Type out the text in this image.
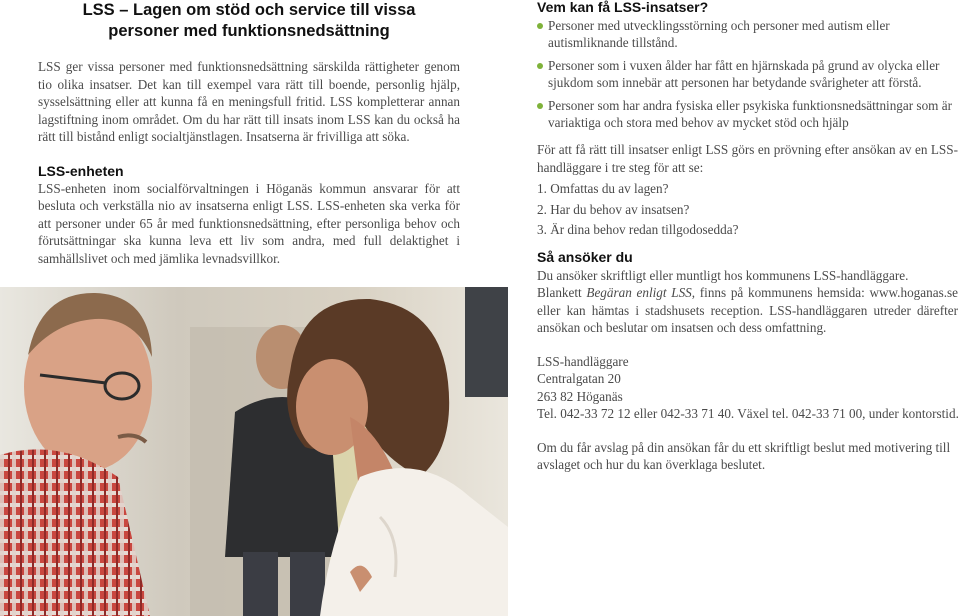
LSS – Lagen om stöd och service till vissa
personer med funktionsnedsättning

LSS ger vissa personer med funktionsnedsättning särskilda rättigheter genom tio olika insatser. Det kan till exempel vara rätt till boende, personlig hjälp, sysselsättning eller att kunna få en meningsfull fritid. LSS kompletterar annan lagstiftning inom området. Om du har rätt till insats inom LSS kan du också ha rätt till bistånd enligt socialtjänstlagen. Insatserna är frivilliga att söka.

LSS-enheten

LSS-enheten inom socialförvaltningen i Höganäs kommun ansvarar för att besluta och verkställa nio av insatserna enligt LSS. LSS-enheten ska verka för att personer under 65 år med funktionsnedsättning, efter personliga behov och förutsättningar ska kunna leva ett liv som andra, med full delaktighet i samhällslivet och med jämlika levnadsvillkor.

Vem kan få LSS-insatser?
Personer med utvecklingsstörning och personer med autism eller autismliknande tillstånd.
Personer som i vuxen ålder har fått en hjärnskada på grund av olycka eller sjukdom som innebär att personen har betydande svårigheter att förstå.
Personer som har andra fysiska eller psykiska funktionsnedsättningar som är variaktiga och stora med behov av mycket stöd och hjälp

För att få rätt till insatser enligt LSS görs en prövning efter ansökan av en LSS-handläggare i tre steg för att se:

1. Omfattas du av lagen?

2. Har du behov av insatsen?

3. Är dina behov redan tillgodosedda?

Så ansöker du

Du ansöker skriftligt eller muntligt hos kommunens LSS-handläggare.

Blankett Begäran enligt LSS, finns på kommunens hemsida: www.hoganas.se eller kan hämtas i stadshusets reception. LSS-handläggaren utreder därefter ansökan och beslutar om insatsen och dess omfattning.

LSS-handläggare
Centralgatan 20
263 82 Höganäs
Tel. 042-33 72 12 eller 042-33 71 40. Växel tel. 042-33 71 00, under kontorstid.

Om du får avslag på din ansökan får du ett skriftligt beslut med motivering till avslaget och hur du kan överklaga beslutet.
